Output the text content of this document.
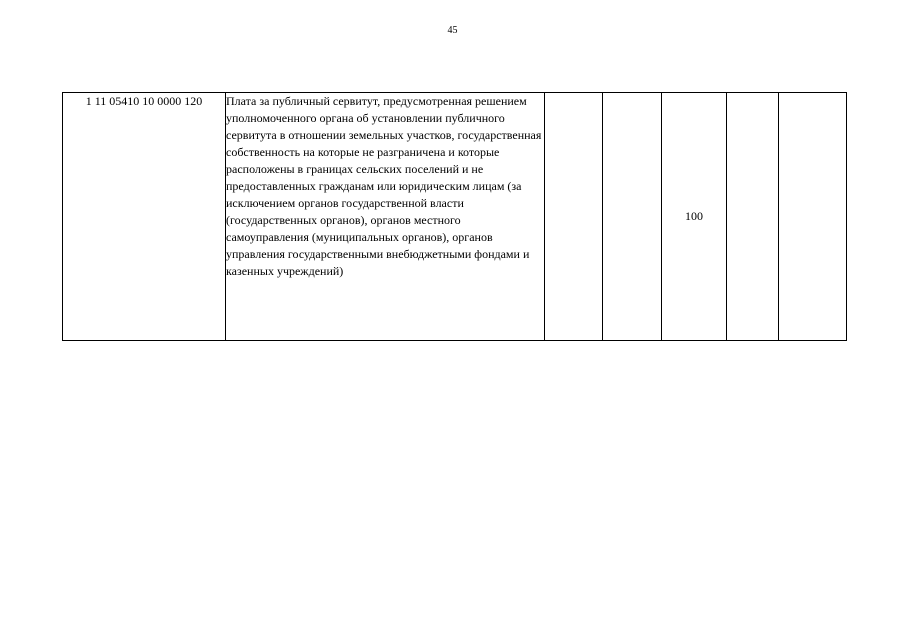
45
1 11 05410 10 0000 120	Плата за публичный сервитут, предусмотренная решением уполномоченного органа об установлении публичного сервитута в отношении земельных участков, государственная собственность на которые не разграничена и которые расположены в границах сельских поселений и не предоставленных гражданам или юридическим лицам (за исключением органов государственной власти (государственных органов), органов местного самоуправления (муниципальных органов), органов управления государственными внебюджетными фондами и казенных учреждений)			100		
